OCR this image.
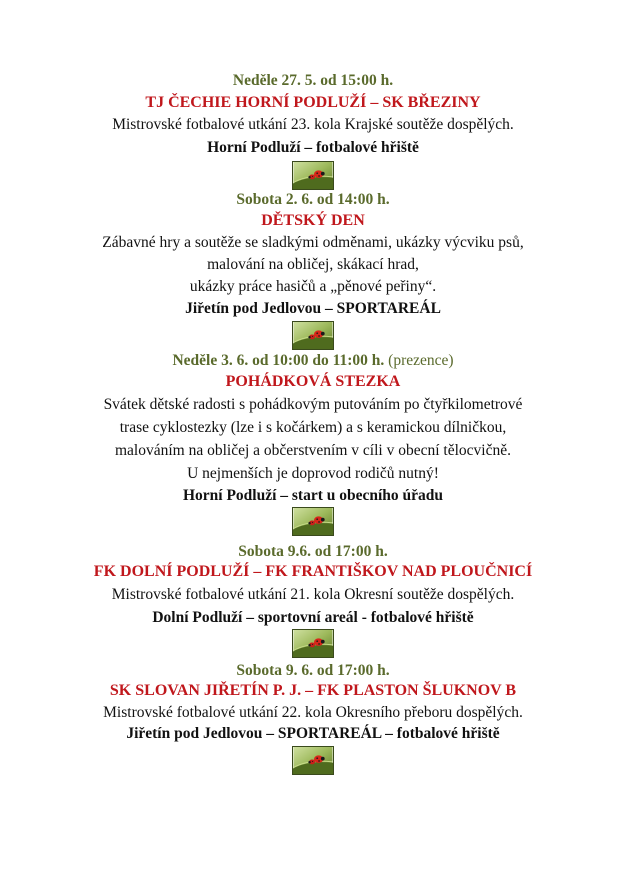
Neděle 27. 5. od 15:00 h.
TJ ČECHIE HORNÍ PODLUŽÍ – SK BŘEZINY
Mistrovské fotbalové utkání 23. kola Krajské soutěže dospělých.
Horní Podluží – fotbalové hřiště
Sobota 2. 6. od 14:00 h.
DĚTSKÝ DEN
Zábavné hry a soutěže se sladkými odměnami, ukázky výcviku psů,
malování na obličej, skákací hrad,
ukázky práce hasičů a „pěnové peřiny“.
Jiřetín pod Jedlovou – SPORTAREÁL
Neděle 3. 6. od 10:00 do 11:00 h. (prezence)
POHÁDKOVÁ STEZKA
Svátek dětské radosti s pohádkovým putováním po čtyřkilometrové
trase cyklostezky (lze i s kočárkem) a s keramickou dílničkou,
malováním na obličej a občerstvením v cíli v obecní tělocvičně.
U nejmenších je doprovod rodičů nutný!
Horní Podluží – start u obecního úřadu
Sobota 9.6. od 17:00 h.
FK DOLNÍ PODLUŽÍ – FK FRANTIŠKOV NAD PLOUČNICÍ
Mistrovské fotbalové utkání 21. kola Okresní soutěže dospělých.
Dolní Podluží – sportovní areál - fotbalové hřiště
Sobota 9. 6. od 17:00 h.
SK SLOVAN JIŘETÍN P. J. – FK PLASTON ŠLUKNOV B
Mistrovské fotbalové utkání 22. kola Okresního přeboru dospělých.
Jiřetín pod Jedlovou – SPORTAREÁL – fotbalové hřiště
